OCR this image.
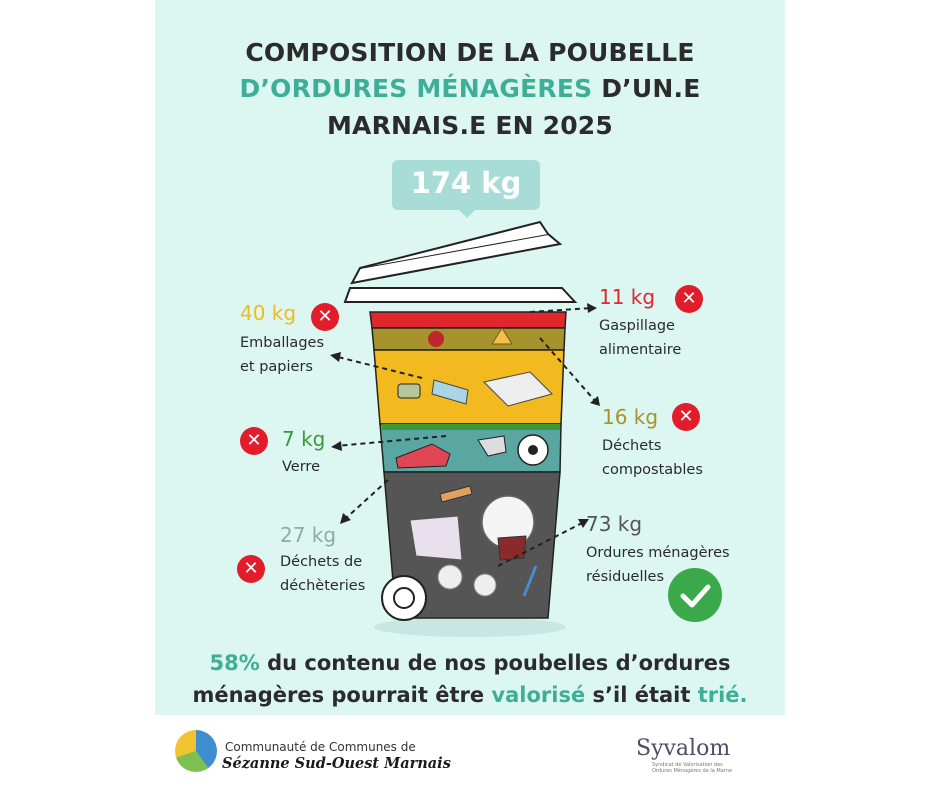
COMPOSITION DE LA POUBELLE
D’ORDURES MÉNAGÈRES D’UN.E
MARNAIS.E EN 2025
174 kg
40 kg	✕
Emballages
et papiers
11 kg	✕
Gaspillage
alimentaire
16 kg	✕
Déchets
compostables
✕	7 kg
Verre
27 kg
✕	Déchets de
déchèteries
73 kg
Ordures ménagères
résiduelles
58% du contenu de nos poubelles d’ordures
ménagères pourrait être valorisé s’il était trié.
Communauté de Communes de
Sézanne Sud-Ouest Marnais
Syvalom
Syndicat de Valorisation des Ordures Ménagères de la Marne
